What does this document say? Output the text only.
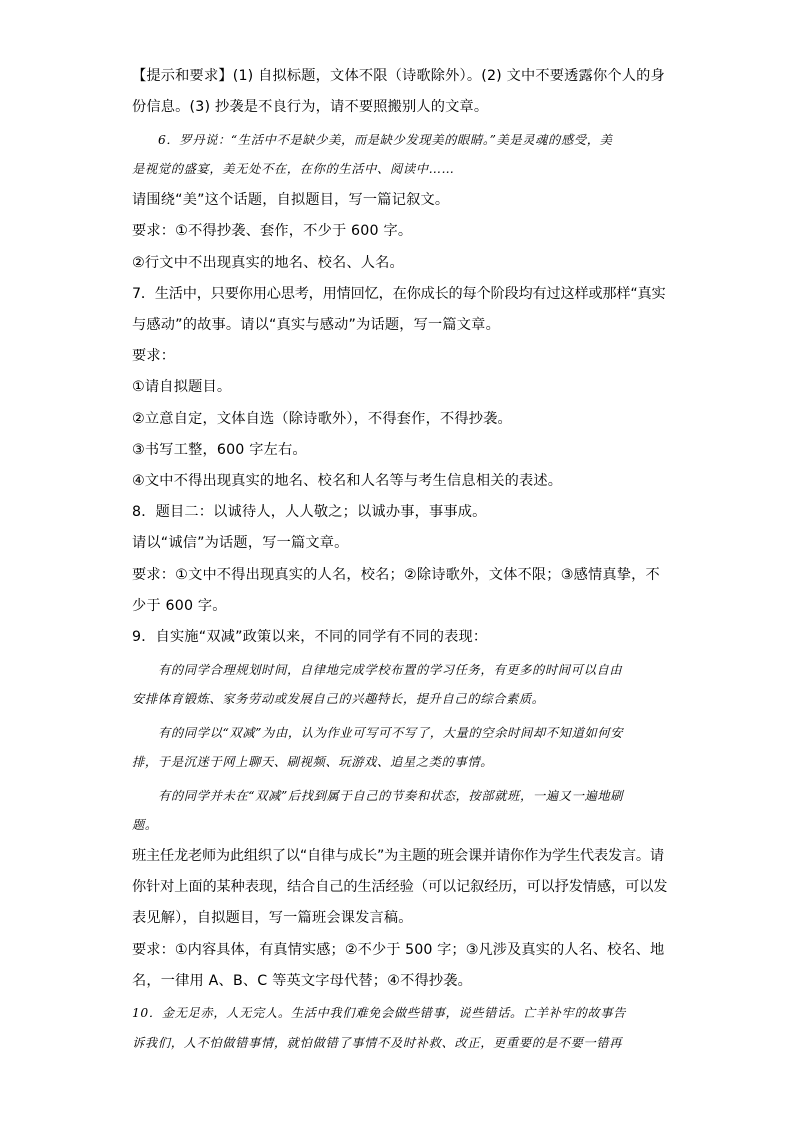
【提示和要求】(1) 自拟标题，文体不限（诗歌除外）。(2) 文中不要透露你个人的身
份信息。(3) 抄袭是不良行为，请不要照搬别人的文章。
6．罗丹说：“生活中不是缺少美，而是缺少发现美的眼睛。”美是灵魂的感受，美
是视觉的盛宴，美无处不在，在你的生活中、阅读中……
请围绕“美”这个话题，自拟题目，写一篇记叙文。
要求：①不得抄袭、套作，不少于 600 字。
②行文中不出现真实的地名、校名、人名。
7．生活中，只要你用心思考，用情回忆，在你成长的每个阶段均有过这样或那样“真实
与感动”的故事。请以“真实与感动”为话题，写一篇文章。
要求：
①请自拟题目。
②立意自定，文体自选（除诗歌外），不得套作，不得抄袭。
③书写工整，600 字左右。
④文中不得出现真实的地名、校名和人名等与考生信息相关的表述。
8．题目二：以诚待人，人人敬之；以诚办事，事事成。
请以“诚信”为话题，写一篇文章。
要求：①文中不得出现真实的人名，校名；②除诗歌外，文体不限；③感情真挚，不
少于 600 字。
9．自实施“双减”政策以来，不同的同学有不同的表现：
有的同学合理规划时间，自律地完成学校布置的学习任务，有更多的时间可以自由
安排体育锻炼、家务劳动或发展自己的兴趣特长，提升自己的综合素质。
有的同学以“双减”为由，认为作业可写可不写了，大量的空余时间却不知道如何安
排，于是沉迷于网上聊天、刷视频、玩游戏、追星之类的事情。
有的同学并未在“双减”后找到属于自己的节奏和状态，按部就班，一遍又一遍地刷
题。
班主任龙老师为此组织了以“自律与成长”为主题的班会课并请你作为学生代表发言。请
你针对上面的某种表现，结合自己的生活经验（可以记叙经历，可以抒发情感，可以发
表见解），自拟题目，写一篇班会课发言稿。
要求：①内容具体，有真情实感；②不少于 500 字；③凡涉及真实的人名、校名、地
名，一律用 A、B、C 等英文字母代替；④不得抄袭。
10．金无足赤，人无完人。生活中我们难免会做些错事，说些错话。亡羊补牢的故事告
诉我们，人不怕做错事情，就怕做错了事情不及时补救、改正，更重要的是不要一错再
